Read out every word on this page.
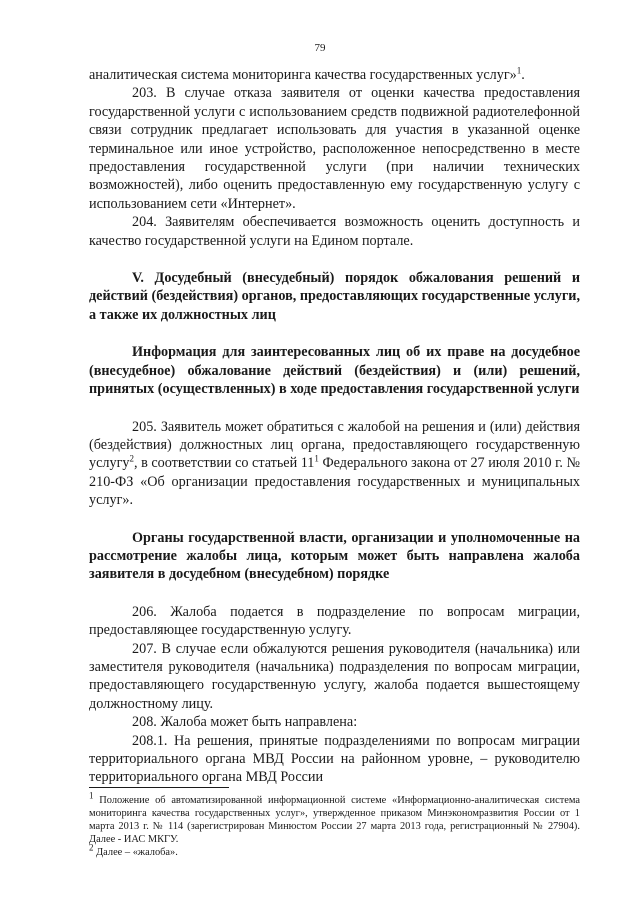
79

аналитическая система мониторинга качества государственных услуг»$^1$.

203. В случае отказа заявителя от оценки качества предоставления государственной услуги с использованием средств подвижной радиотелефонной связи сотрудник предлагает использовать для участия в указанной оценке терминальное или иное устройство, расположенное непосредственно в месте предоставления государственной услуги (при наличии технических возможностей), либо оценить предоставленную ему государственную услугу с использованием сети «Интернет».

204. Заявителям обеспечивается возможность оценить доступность и качество государственной услуги на Едином портале.

V. Досудебный (внесудебный) порядок обжалования решений и действий (бездействия) органов, предоставляющих государственные услуги, а также их должностных лиц
Информация для заинтересованных лиц об их праве на досудебное (внесудебное) обжалование действий (бездействия) и (или) решений, принятых (осуществленных) в ходе предоставления государственной услуги

205. Заявитель может обратиться с жалобой на решения и (или) действия (бездействия) должностных лиц органа, предоставляющего государственную услугу$^2$, в соответствии со статьей $11^1$ Федерального закона от 27 июля 2010 г. № 210-ФЗ «Об организации предоставления государственных и муниципальных услуг».

Органы государственной власти, организации и уполномоченные на рассмотрение жалобы лица, которым может быть направлена жалоба заявителя в досудебном (внесудебном) порядке

206. Жалоба подается в подразделение по вопросам миграции, предоставляющее государственную услугу.

207. В случае если обжалуются решения руководителя (начальника) или заместителя руководителя (начальника) подразделения по вопросам миграции, предоставляющего государственную услугу, жалоба подается вышестоящему должностному лицу.

208. Жалоба может быть направлена:

208.1. На решения, принятые подразделениями по вопросам миграции территориального органа МВД России на районном уровне, – руководителю территориального органа МВД России

$^1$ Положение об автоматизированной информационной системе «Информационно-аналитическая система мониторинга качества государственных услуг», утвержденное приказом Минэкономразвития России от 1 марта 2013 г. № 114 (зарегистрирован Минюстом России 27 марта 2013 года, регистрационный № 27904). Далее - ИАС МКГУ.

$^2$ Далее – «жалоба».
